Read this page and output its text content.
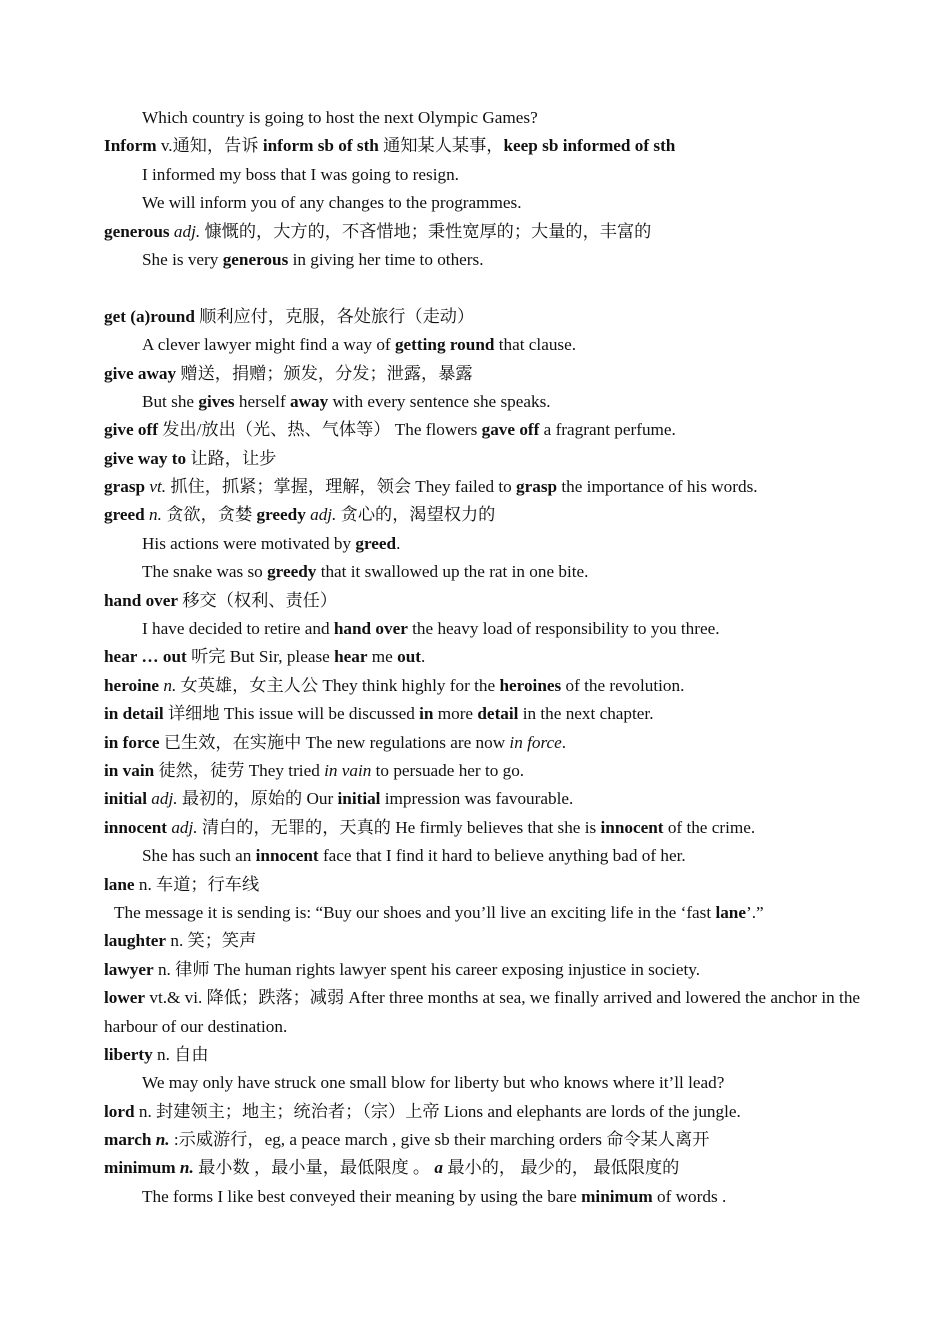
Which country is going to host the next Olympic Games?
Inform v.通知，告诉 inform sb of sth 通知某人某事，keep sb informed of sth
I informed my boss that I was going to resign.
We will inform you of any changes to the programmes.
generous adj. 慷慨的，大方的，不吝惜地；秉性宽厚的；大量的，丰富的
She is very generous in giving her time to others.
get (a)round 顺利应付，克服，各处旅行（走动）
A clever lawyer might find a way of getting round that clause.
give away 赠送，捐赠；颁发，分发；泄露，暴露
But she gives herself away with every sentence she speaks.
give off 发出/放出（光、热、气体等） The flowers gave off a fragrant perfume.
give way to 让路，让步
grasp vt. 抓住，抓紧；掌握，理解，领会 They failed to grasp the importance of his words.
greed n. 贪欲，贪婪 greedy adj. 贪心的，渴望权力的
His actions were motivated by greed.
The snake was so greedy that it swallowed up the rat in one bite.
hand over 移交（权利、责任）
I have decided to retire and hand over the heavy load of responsibility to you three.
hear … out 听完 But Sir, please hear me out.
heroine n. 女英雄，女主人公 They think highly for the heroines of the revolution.
in detail 详细地 This issue will be discussed in more detail in the next chapter.
in force 已生效，在实施中 The new regulations are now in force.
in vain 徒然，徒劳 They tried in vain to persuade her to go.
initial adj. 最初的，原始的 Our initial impression was favourable.
innocent adj. 清白的，无罪的，天真的 He firmly believes that she is innocent of the crime.
She has such an innocent face that I find it hard to believe anything bad of her.
lane n. 车道；行车线
The message it is sending is: “Buy our shoes and you’ll live an exciting life in the ‘fast lane’.”
laughter n. 笑；笑声
lawyer n. 律师 The human rights lawyer spent his career exposing injustice in society.
lower vt.& vi. 降低；跌落；减弱 After three months at sea, we finally arrived and lowered the anchor in the harbour of our destination.
liberty n. 自由
We may only have struck one small blow for liberty but who knows where it’ll lead?
lord n. 封建领主；地主；统治者；（宗）上帝 Lions and elephants are lords of the jungle.
march n. :示威游行，eg, a peace march , give sb their marching orders 命令某人离开
minimum n. 最小数 ，最小量，最低限度 。 a 最小的， 最少的， 最低限度的
The forms I like best conveyed their meaning by using the bare minimum of words .
